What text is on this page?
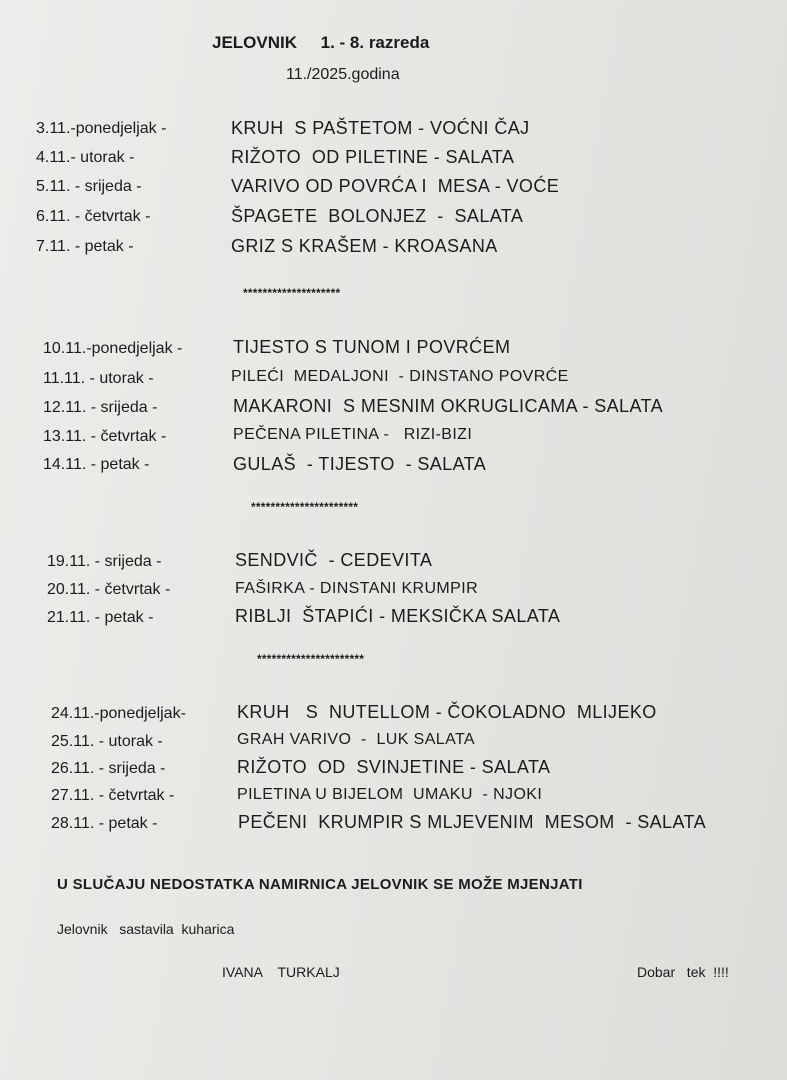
JELOVNIK     1. - 8. razreda
11./2025.godina
3.11.-ponedjeljak -	KRUH  S PAŠTETOM - VOĆNI ČAJ
4.11.- utorak -	RIŽOTO  OD PILETINE - SALATA
5.11. - srijeda -	VARIVO OD POVRĆA I  MESA - VOĆE
6.11. - četvrtak -	ŠPAGETE  BOLONJEZ  -  SALATA
7.11. - petak -	GRIZ S KRAŠEM - KROASANA
********************
10.11.-ponedjeljak -	TIJESTO S TUNOM I POVRĆEM
11.11. - utorak -	PILEĆI  MEDALJONI  - DINSTANO POVRĆE
12.11. - srijeda -	MAKARONI  S MESNIM OKRUGLICAMA - SALATA
13.11. - četvrtak -	PEČENA PILETINA -   RIZI-BIZI
14.11. - petak -	GULAŠ  - TIJESTO  - SALATA
**********************
19.11. - srijeda -	SENDVIČ  - CEDEVITA
20.11. - četvrtak -	FAŠIRKA - DINSTANI KRUMPIR
21.11. - petak -	RIBLJI  ŠTAPIĆI - MEKSIČKA SALATA
**********************
24.11.-ponedjeljak-	KRUH   S  NUTELLOM - ČOKOLADNO  MLIJEKO
25.11. - utorak -	GRAH VARIVO  -  LUK SALATA
26.11. - srijeda -	RIŽOTO  OD  SVINJETINE - SALATA
27.11. - četvrtak -	PILETINA U BIJELOM  UMAKU  - NJOKI
28.11. - petak -	PEČENI  KRUMPIR S MLJEVENIM  MESOM  - SALATA
U SLUČAJU NEDOSTATKA NAMIRNICA JELOVNIK SE MOŽE MJENJATI
Jelovnik   sastavila  kuharica
IVANA    TURKALJ	Dobar   tek  !!!!
